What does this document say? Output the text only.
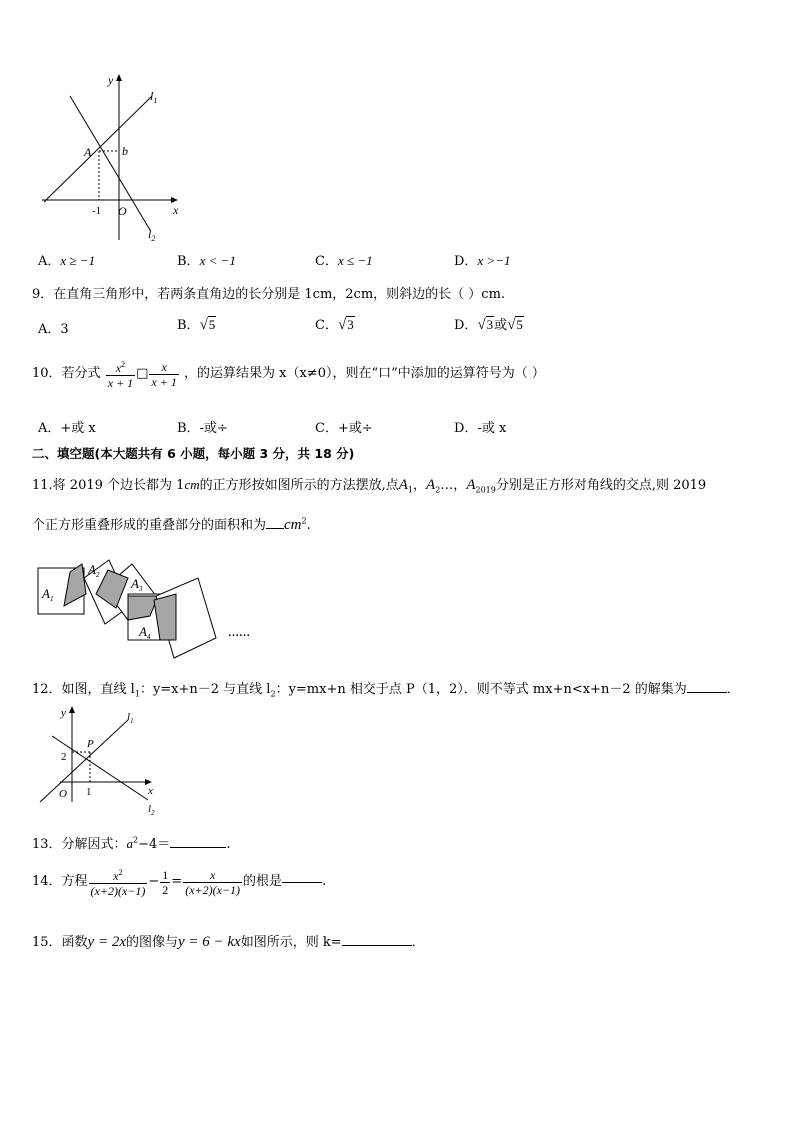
y
x
$l_1$
$l_2$
A	b
-1 O
A．x ≥ −1	B．x < −1	C．x ≤ −1	D．x >−1
9．在直角三角形中，若两条直角边的长分别是 1cm，2cm，则斜边的长（ ）cm.
A．3	B．√5	C．√3	D．√3或√5
10．若分式 $\frac{x^2}{x + 1}$ □ $\frac{x}{x + 1}$ ，的运算结果为 x（x≠0），则在“口”中添加的运算符号为（ ）
A．+或 x	B．-或÷	C．+或÷	D．-或 x
二、填空题(本大题共有 6 小题，每小题 3 分，共 18 分)
11.将 2019 个边长都为 1cm的正方形按如图所示的方法摆放,点$A_1$，$A_2\dots$，$A_{2019}$分别是正方形对角线的交点,则 2019
个正方形重叠形成的重叠部分的面积和为 $cm^2$.
$A_1$
$A_2$
$A_3$
$A_4$	……
12．如图，直线 $l_1$：y=x+n－2 与直线 $l_2$：y=mx+n 相交于点 P（1，2）．则不等式 mx+n<x+n－2 的解集为	．
y
x
$l_1$
$l_2$
P
2
1
O
13．分解因式：$a^2-4=$	.
14．方程 $\frac{x^2}{(x+2)(x-1)} - \frac{1}{2} = \frac{x}{(x+2)(x-1)}$ 的根是	.
15．函数y = 2x的图像与y = 6 − kx如图所示，则 k=	．
